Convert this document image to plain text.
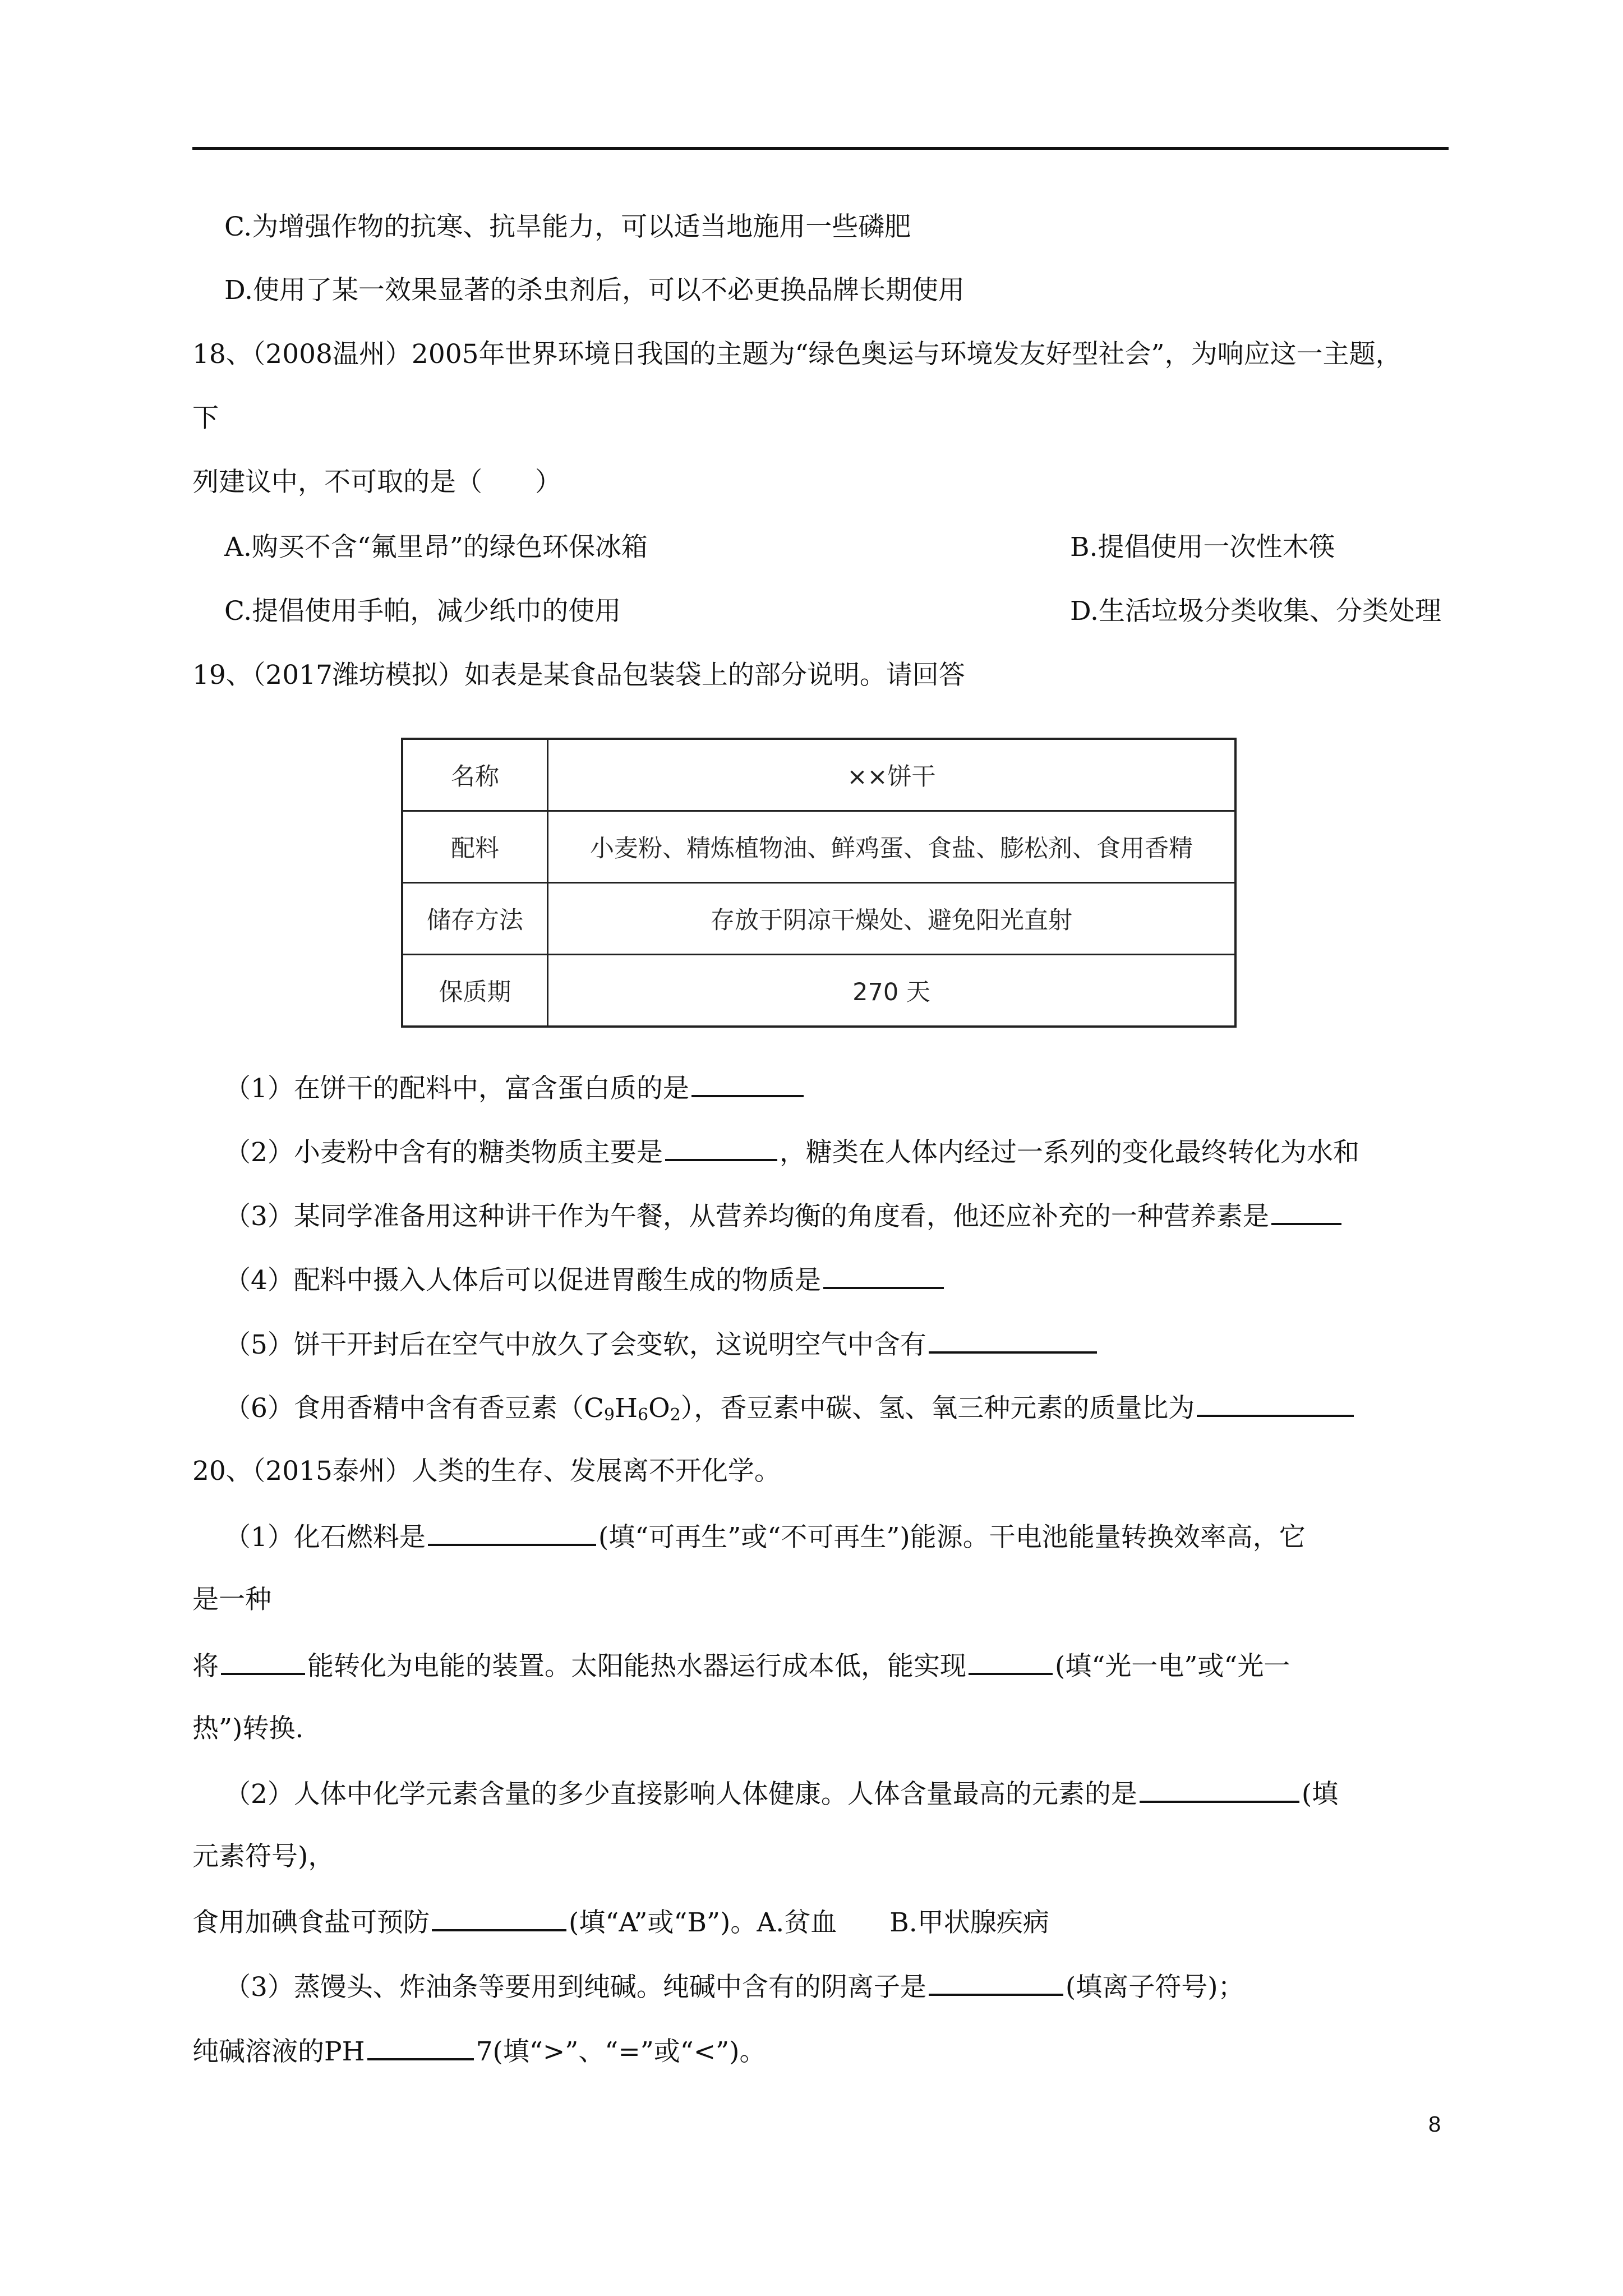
C.为增强作物的抗寒、抗旱能力，可以适当地施用一些磷肥
D.使用了某一效果显著的杀虫剂后，可以不必更换品牌长期使用
18、（2008温州）2005年世界环境日我国的主题为“绿色奥运与环境发友好型社会”，为响应这一主题，
下
列建议中，不可取的是（　　）
A.购买不含“氟里昂”的绿色环保冰箱	B.提倡使用一次性木筷
C.提倡使用手帕，减少纸巾的使用	D.生活垃圾分类收集、分类处理
19、（2017潍坊模拟）如表是某食品包装袋上的部分说明。请回答
名称	××饼干
配料	小麦粉、精炼植物油、鲜鸡蛋、食盐、膨松剂、食用香精
储存方法	存放于阴凉干燥处、避免阳光直射
保质期	270 天
（1）在饼干的配料中，富含蛋白质的是
（2）小麦粉中含有的糖类物质主要是	，糖类在人体内经过一系列的变化最终转化为水和
（3）某同学准备用这种讲干作为午餐，从营养均衡的角度看，他还应补充的一种营养素是
（4）配料中摄入人体后可以促进胃酸生成的物质是
（5）饼干开封后在空气中放久了会变软，这说明空气中含有
（6）食用香精中含有香豆素$(C_9H_6O_2)$，香豆素中碳、氢、氧三种元素的质量比为
20、（2015泰州）人类的生存、发展离不开化学。
（1）化石燃料是	(填“可再生”或“不可再生”)能源。干电池能量转换效率高，它
是一种
将	能转化为电能的装置。太阳能热水器运行成本低，能实现	(填“光一电”或“光一
热”)转换.
（2）人体中化学元素含量的多少直接影响人体健康。人体含量最高的元素的是	(填
元素符号)，
食用加碘食盐可预防	(填“A”或“B”)。A.贫血　　B.甲状腺疾病
（3）蒸馒头、炸油条等要用到纯碱。纯碱中含有的阴离子是	(填离子符号)；
纯碱溶液的PH	7(填“>”、“=”或“<”)。
8
